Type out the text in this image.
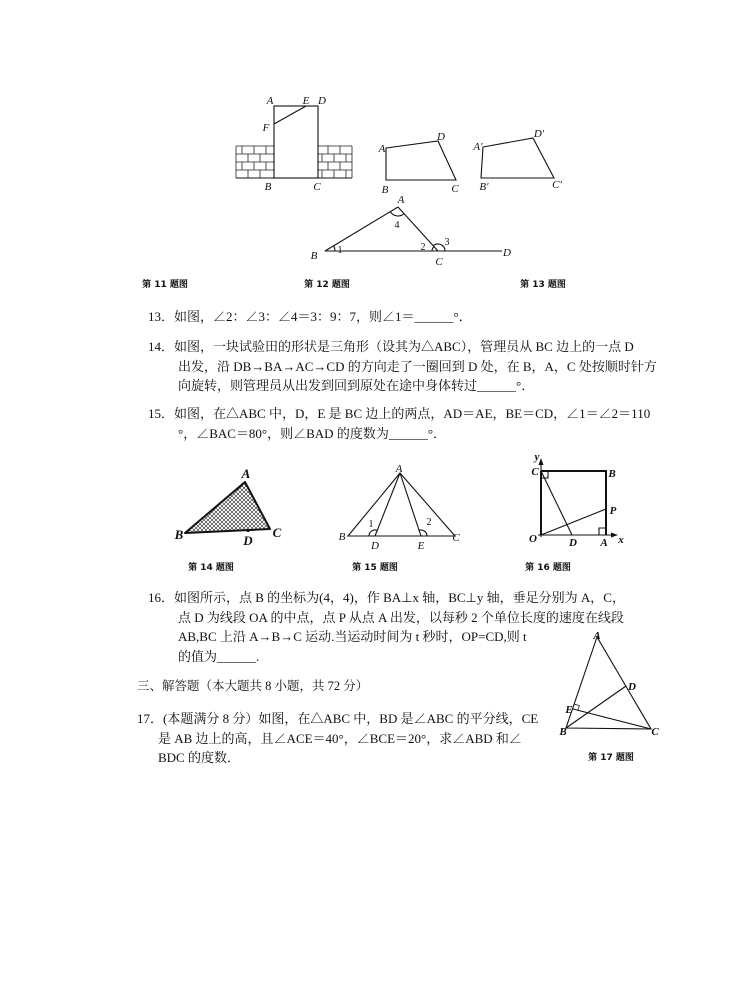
A	E D
F
B	C
A
D
B	C
A′
D′
B′	C′
A
4
B 1	2 3
C
D
第 11 题图	第 12 题图	第 13 题图
A
B	C
D
A
B	C
D	E
1	2
y
C	B
P
O	D A x
第 14 题图	第 15 题图	第 16 题图
A
D
E
B	C
第 17 题图
13．如图，∠2：∠3：∠4＝3：9：7，则∠1＝______°．
14．如图，一块试验田的形状是三角形（设其为△ABC），管理员从 BC 边上的一点 D
出发，沿 DB→BA→AC→CD 的方向走了一圈回到 D 处，在 B，A，C 处按顺时针方
向旋转，则管理员从出发到回到原处在途中身体转过______°．
15．如图，在△ABC 中，D，E 是 BC 边上的两点，AD＝AE，BE＝CD，∠1＝∠2＝110
°，∠BAC＝80°，则∠BAD 的度数为______°．
16．如图所示，点 B 的坐标为(4，4)，作 BA⊥x 轴，BC⊥y 轴，垂足分别为 A，C，
点 D 为线段 OA 的中点，点 P 从点 A 出发，以每秒 2 个单位长度的速度在线段
AB,BC 上沿 A→B→C 运动.当运动时间为 t 秒时，OP=CD,则 t
的值为______.
三、解答题（本大题共 8 小题，共 72 分）
17．(本题满分 8 分）如图，在△ABC 中，BD 是∠ABC 的平分线，CE
是 AB 边上的高，且∠ACE＝40°，∠BCE＝20°，求∠ABD 和∠
BDC 的度数．
